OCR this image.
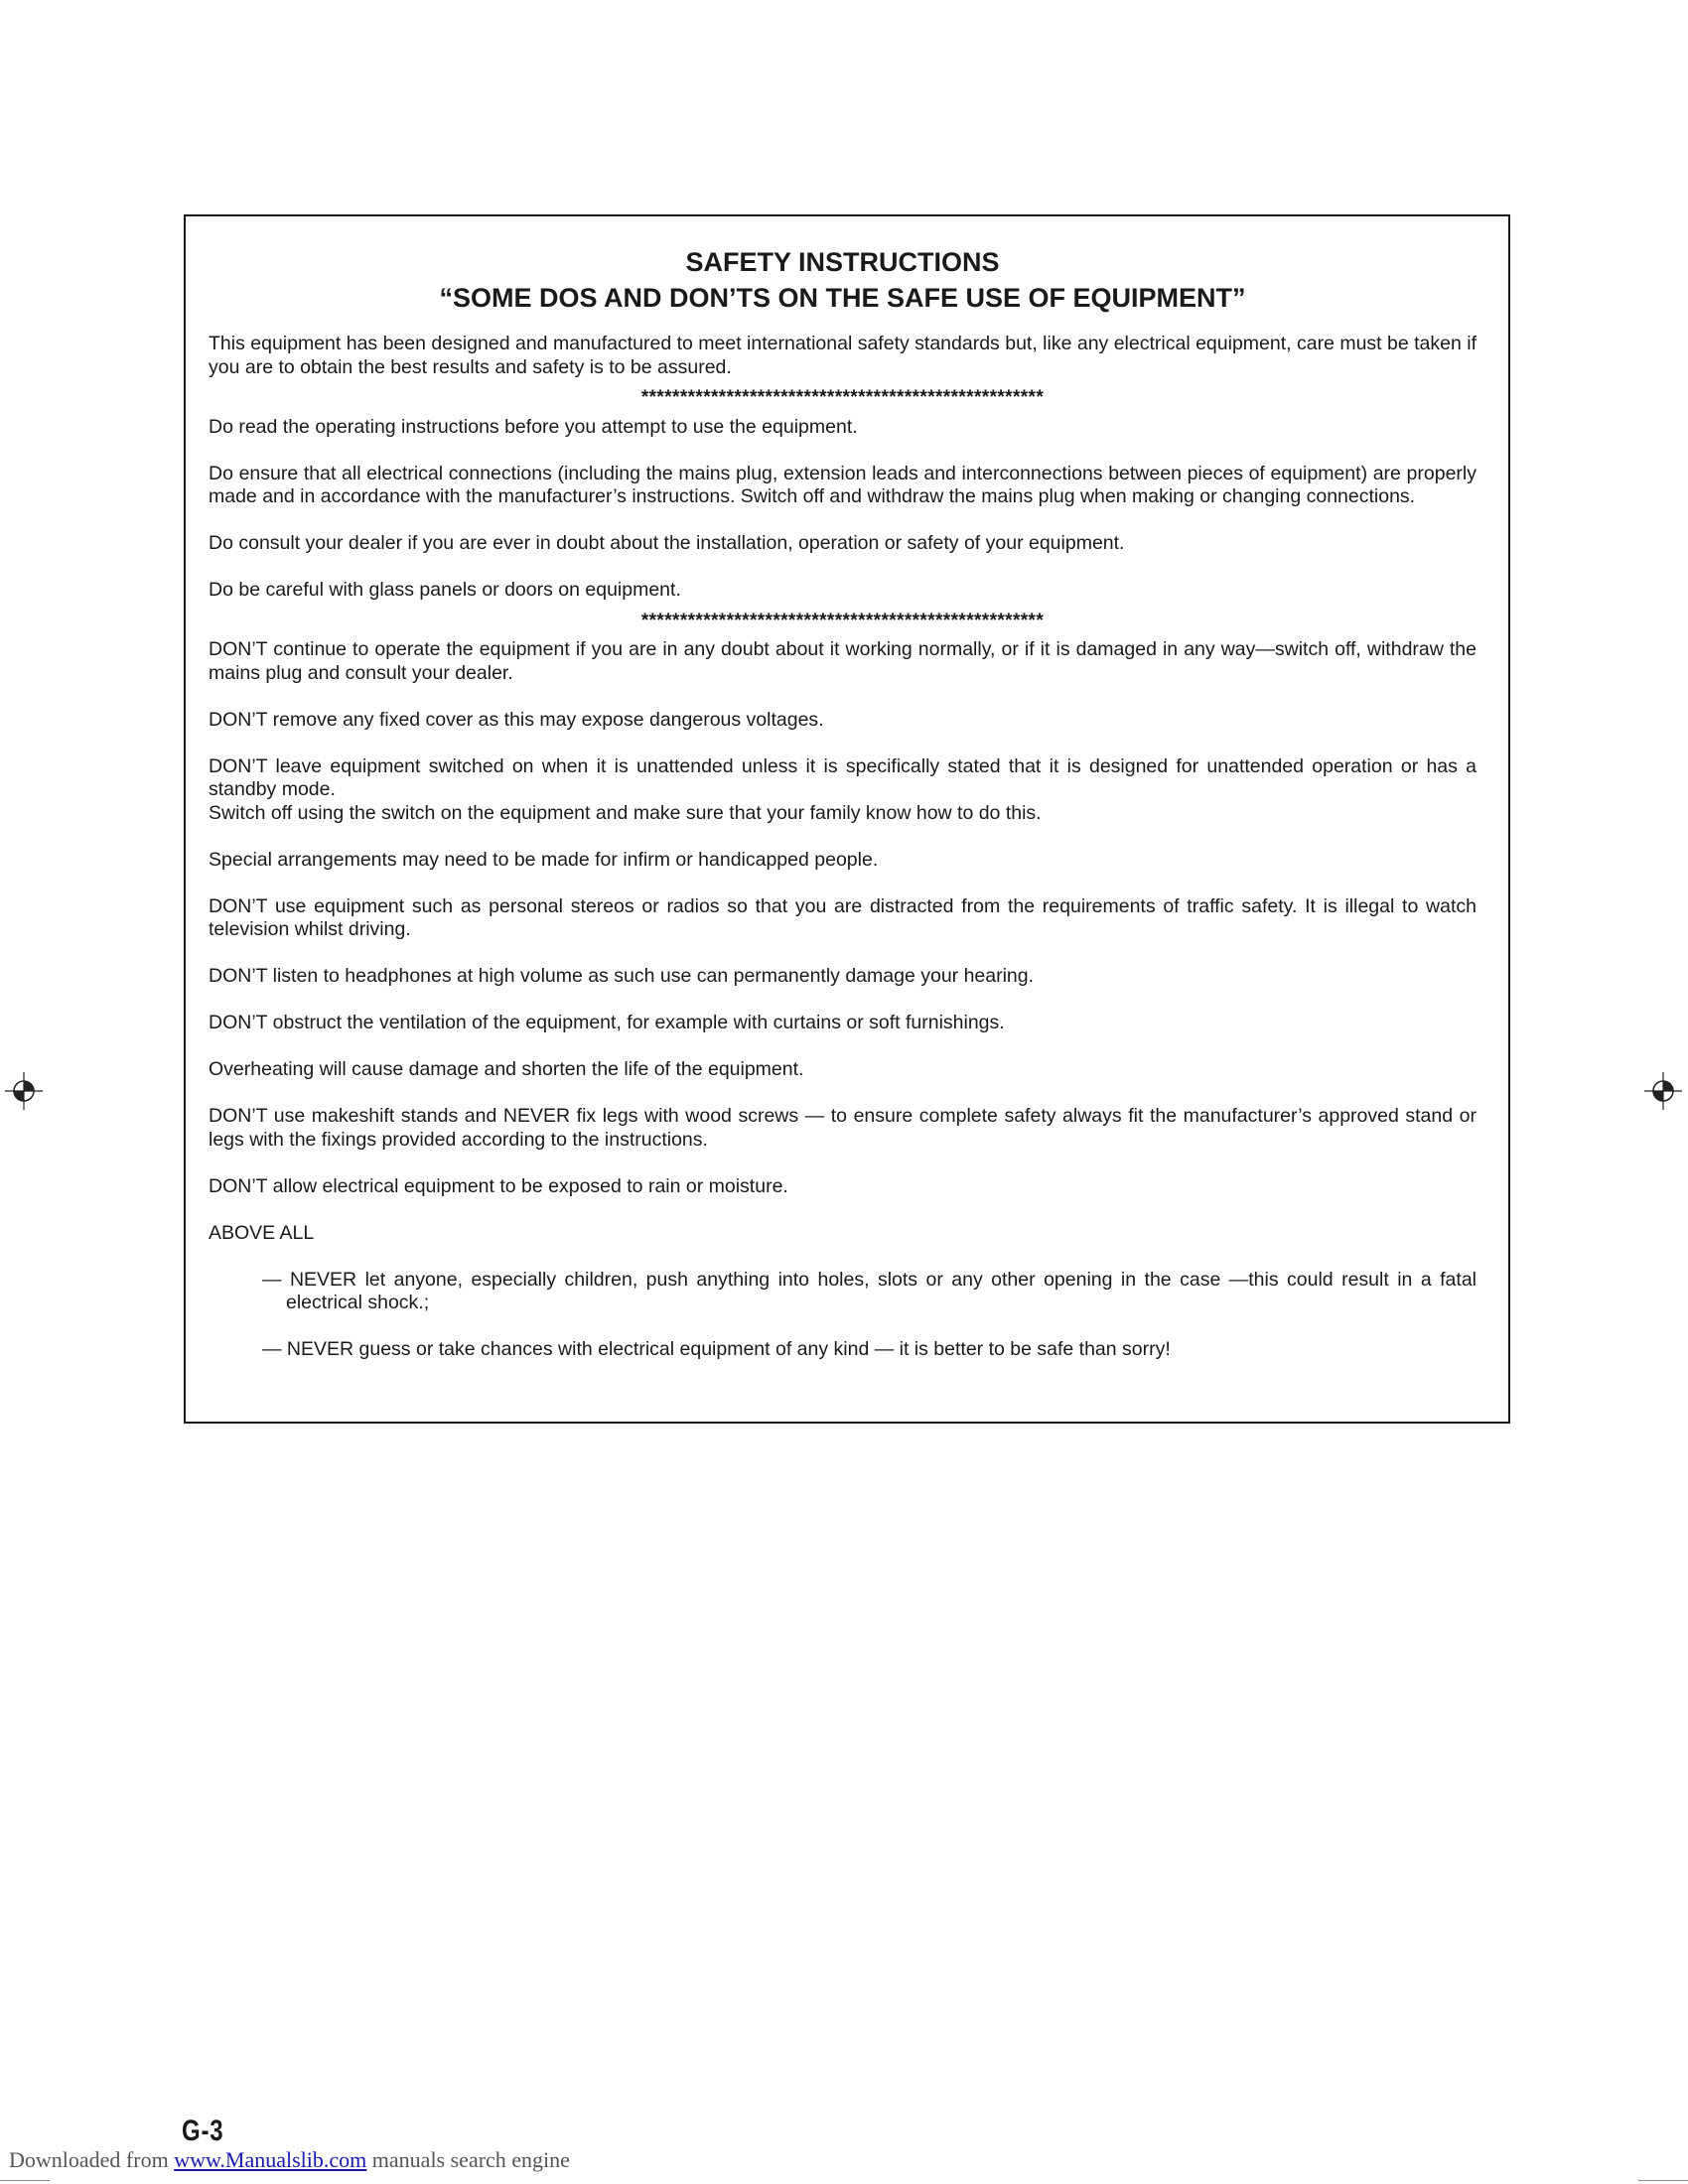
SAFETY INSTRUCTIONS
“SOME DOS AND DON’TS ON THE SAFE USE OF EQUIPMENT”

This equipment has been designed and manufactured to meet international safety standards but, like any electrical equipment, care must be taken if you are to obtain the best results and safety is to be assured.

****************************************************

Do read the operating instructions before you attempt to use the equipment.

Do ensure that all electrical connections (including the mains plug, extension leads and interconnections between pieces of equipment) are properly made and in accordance with the manufacturer’s instructions. Switch off and withdraw the mains plug when making or changing connections.

Do consult your dealer if you are ever in doubt about the installation, operation or safety of your equipment.

Do be careful with glass panels or doors on equipment.

****************************************************

DON’T continue to operate the equipment if you are in any doubt about it working normally, or if it is damaged in any way—switch off, withdraw the mains plug and consult your dealer.

DON’T remove any fixed cover as this may expose dangerous voltages.

DON’T leave equipment switched on when it is unattended unless it is specifically stated that it is designed for unattended operation or has a standby mode.

Switch off using the switch on the equipment and make sure that your family know how to do this.

Special arrangements may need to be made for infirm or handicapped people.

DON’T use equipment such as personal stereos or radios so that you are distracted from the requirements of traffic safety. It is illegal to watch television whilst driving.

DON’T listen to headphones at high volume as such use can permanently damage your hearing.

DON’T obstruct the ventilation of the equipment, for example with curtains or soft furnishings.

Overheating will cause damage and shorten the life of the equipment.

DON’T use makeshift stands and NEVER fix legs with wood screws — to ensure complete safety always fit the manufacturer’s approved stand or legs with the fixings provided according to the instructions.

DON’T allow electrical equipment to be exposed to rain or moisture.

ABOVE ALL

— NEVER let anyone, especially children, push anything into holes, slots or any other opening in the case —this could result in a fatal electrical shock.;

— NEVER guess or take chances with electrical equipment of any kind — it is better to be safe than sorry!

G-3
Downloaded from www.Manualslib.com manuals search engine
